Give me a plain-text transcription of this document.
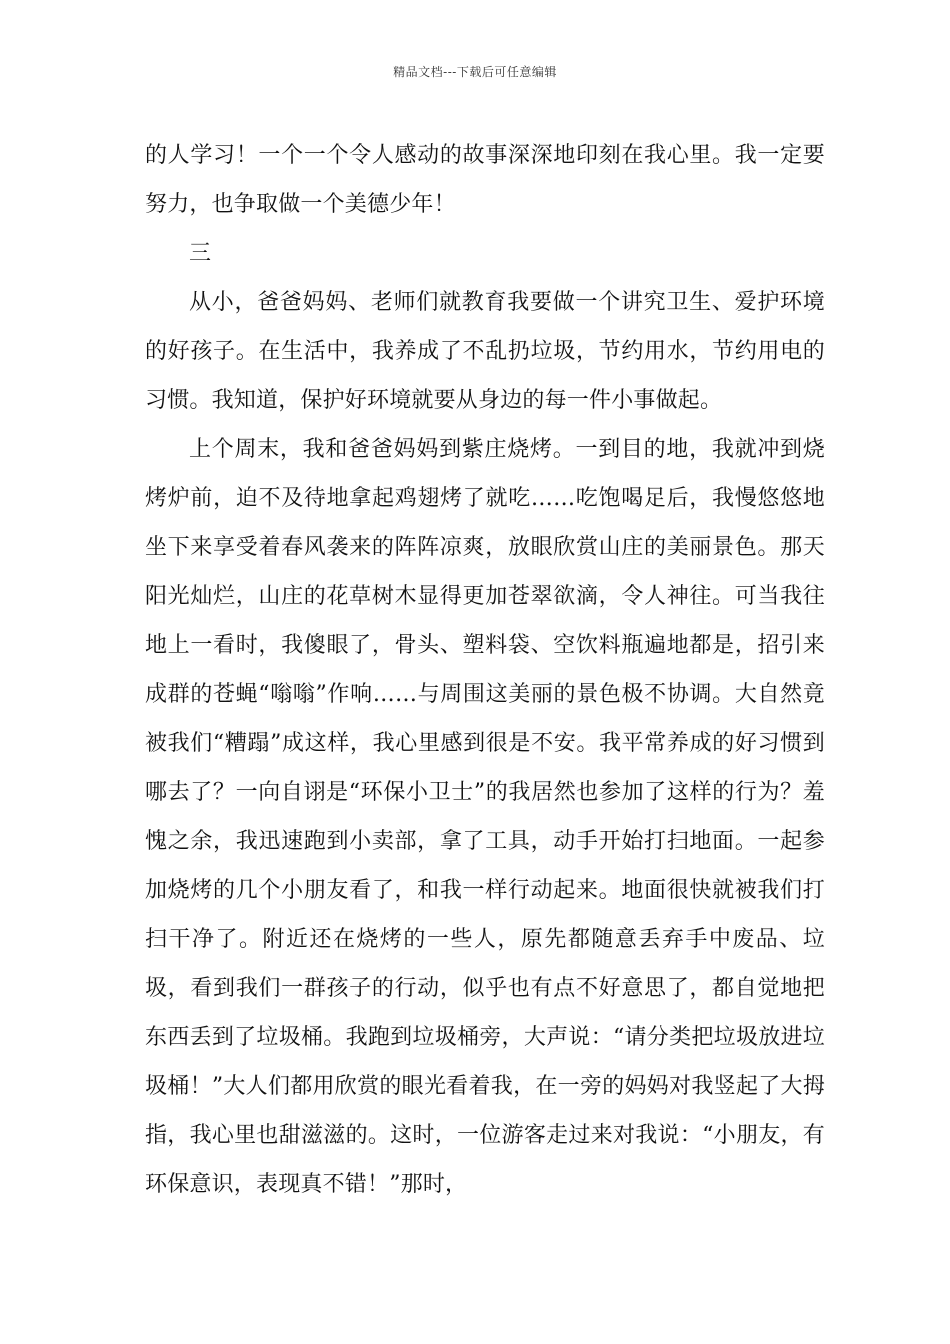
精品文档---下载后可任意编辑

的人学习！一个一个令人感动的故事深深地印刻在我心里。我一定要努力，也争取做一个美德少年！

三

从小，爸爸妈妈、老师们就教育我要做一个讲究卫生、爱护环境的好孩子。在生活中，我养成了不乱扔垃圾，节约用水，节约用电的习惯。我知道，保护好环境就要从身边的每一件小事做起。

上个周末，我和爸爸妈妈到紫庄烧烤。一到目的地，我就冲到烧烤炉前，迫不及待地拿起鸡翅烤了就吃……吃饱喝足后，我慢悠悠地坐下来享受着春风袭来的阵阵凉爽，放眼欣赏山庄的美丽景色。那天阳光灿烂，山庄的花草树木显得更加苍翠欲滴，令人神往。可当我往地上一看时，我傻眼了，骨头、塑料袋、空饮料瓶遍地都是，招引来成群的苍蝇“嗡嗡”作响……与周围这美丽的景色极不协调。大自然竟被我们“糟蹋”成这样，我心里感到很是不安。我平常养成的好习惯到哪去了？一向自诩是“环保小卫士”的我居然也参加了这样的行为？羞愧之余，我迅速跑到小卖部，拿了工具，动手开始打扫地面。一起参加烧烤的几个小朋友看了，和我一样行动起来。地面很快就被我们打扫干净了。附近还在烧烤的一些人，原先都随意丢弃手中废品、垃圾，看到我们一群孩子的行动，似乎也有点不好意思了，都自觉地把东西丢到了垃圾桶。我跑到垃圾桶旁，大声说：“请分类把垃圾放进垃圾桶！”大人们都用欣赏的眼光看着我，在一旁的妈妈对我竖起了大拇指，我心里也甜滋滋的。这时，一位游客走过来对我说：“小朋友，有环保意识，表现真不错！”那时，
